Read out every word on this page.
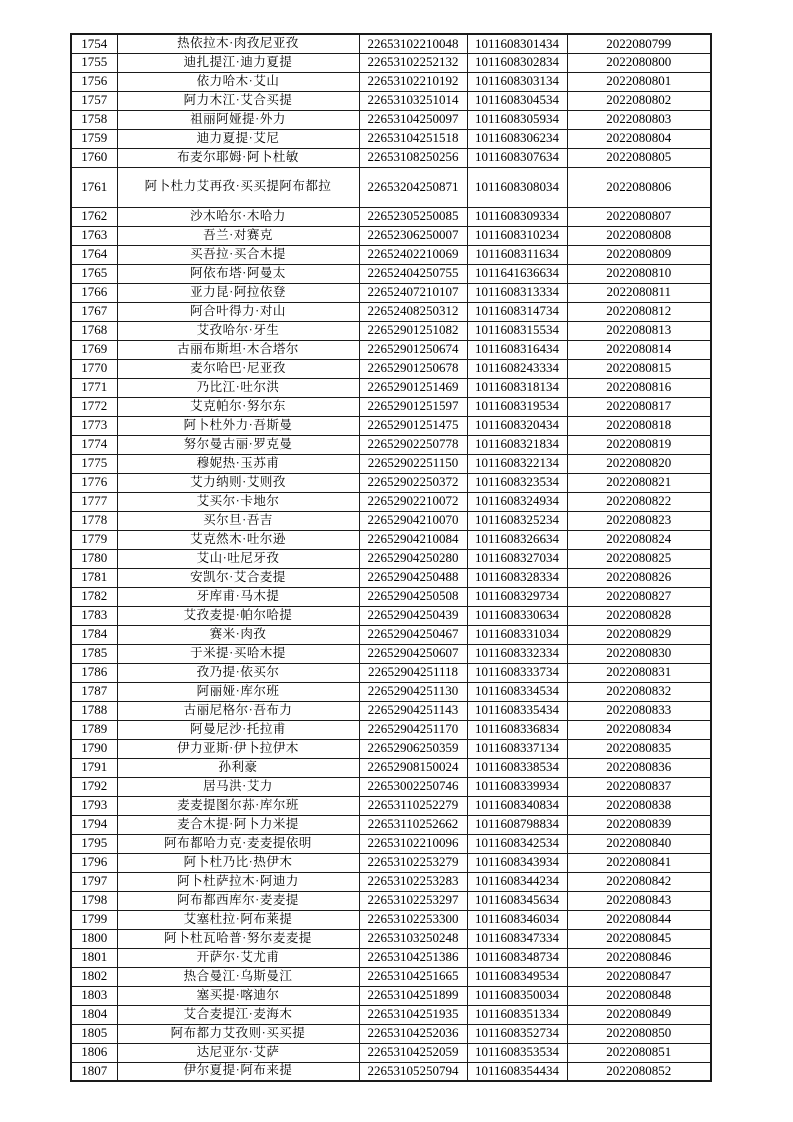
1754	热依拉木·肉孜尼亚孜	22653102210048	1011608301434	2022080799
1755	迪扎提江·迪力夏提	22653102252132	1011608302834	2022080800
1756	依力哈木·艾山	22653102210192	1011608303134	2022080801
1757	阿力木江·艾合买提	22653103251014	1011608304534	2022080802
1758	祖丽阿娅提·外力	22653104250097	1011608305934	2022080803
1759	迪力夏提·艾尼	22653104251518	1011608306234	2022080804
1760	布麦尔耶姆·阿卜杜敏	22653108250256	1011608307634	2022080805
1761	阿卜杜力艾再孜·买买提阿布都拉	22653204250871	1011608308034	2022080806
1762	沙木哈尔·木哈力	22652305250085	1011608309334	2022080807
1763	吾兰·对赛克	22652306250007	1011608310234	2022080808
1764	买吾拉·买合木提	22652402210069	1011608311634	2022080809
1765	阿依布塔·阿曼太	22652404250755	1011641636634	2022080810
1766	亚力昆·阿拉依登	22652407210107	1011608313334	2022080811
1767	阿合叶得力·对山	22652408250312	1011608314734	2022080812
1768	艾孜哈尔·牙生	22652901251082	1011608315534	2022080813
1769	古丽布斯坦·木合塔尔	22652901250674	1011608316434	2022080814
1770	麦尔哈巴·尼亚孜	22652901250678	1011608243334	2022080815
1771	乃比江·吐尔洪	22652901251469	1011608318134	2022080816
1772	艾克帕尔·努尔东	22652901251597	1011608319534	2022080817
1773	阿卜杜外力·吾斯曼	22652901251475	1011608320434	2022080818
1774	努尔曼古丽·罗克曼	22652902250778	1011608321834	2022080819
1775	穆妮热·玉苏甫	22652902251150	1011608322134	2022080820
1776	艾力纳则·艾则孜	22652902250372	1011608323534	2022080821
1777	艾买尔·卡地尔	22652902210072	1011608324934	2022080822
1778	买尔旦·吾吉	22652904210070	1011608325234	2022080823
1779	艾克然木·吐尔逊	22652904210084	1011608326634	2022080824
1780	艾山·吐尼牙孜	22652904250280	1011608327034	2022080825
1781	安凯尔·艾合麦提	22652904250488	1011608328334	2022080826
1782	牙库甫·马木提	22652904250508	1011608329734	2022080827
1783	艾孜麦提·帕尔哈提	22652904250439	1011608330634	2022080828
1784	赛米·肉孜	22652904250467	1011608331034	2022080829
1785	于米提·买哈木提	22652904250607	1011608332334	2022080830
1786	孜乃提·依买尔	22652904251118	1011608333734	2022080831
1787	阿丽娅·库尔班	22652904251130	1011608334534	2022080832
1788	古丽尼格尔·吾布力	22652904251143	1011608335434	2022080833
1789	阿曼尼沙·托拉甫	22652904251170	1011608336834	2022080834
1790	伊力亚斯·伊卜拉伊木	22652906250359	1011608337134	2022080835
1791	孙利豪	22652908150024	1011608338534	2022080836
1792	居马洪·艾力	22653002250746	1011608339934	2022080837
1793	麦麦提图尔荪·库尔班	22653110252279	1011608340834	2022080838
1794	麦合木提·阿卜力米提	22653110252662	1011608798834	2022080839
1795	阿布都哈力克·麦麦提依明	22653102210096	1011608342534	2022080840
1796	阿卜杜乃比·热伊木	22653102253279	1011608343934	2022080841
1797	阿卜杜萨拉木·阿迪力	22653102253283	1011608344234	2022080842
1798	阿布都西库尔·麦麦提	22653102253297	1011608345634	2022080843
1799	艾塞杜拉·阿布莱提	22653102253300	1011608346034	2022080844
1800	阿卜杜瓦哈普·努尔麦麦提	22653103250248	1011608347334	2022080845
1801	开萨尔·艾尤甫	22653104251386	1011608348734	2022080846
1802	热合曼江·乌斯曼江	22653104251665	1011608349534	2022080847
1803	塞买提·喀迪尔	22653104251899	1011608350034	2022080848
1804	艾合麦提江·麦海木	22653104251935	1011608351334	2022080849
1805	阿布都力艾孜则·买买提	22653104252036	1011608352734	2022080850
1806	达尼亚尔·艾萨	22653104252059	1011608353534	2022080851
1807	伊尔夏提·阿布来提	22653105250794	1011608354434	2022080852
